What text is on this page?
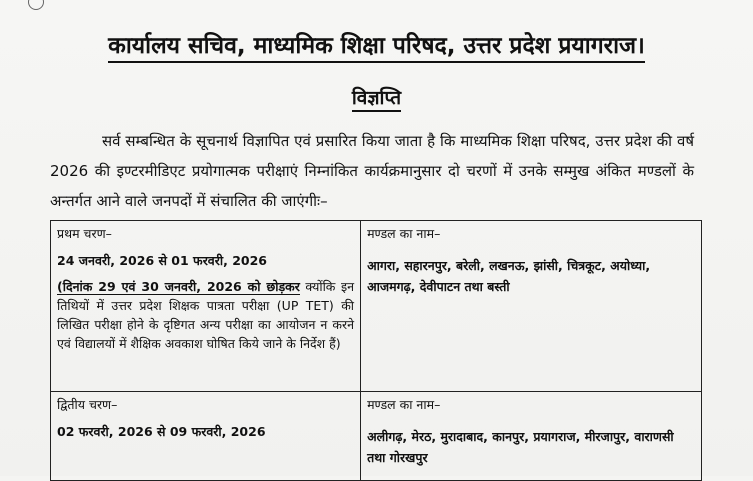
कार्यालय सचिव, माध्यमिक शिक्षा परिषद, उत्तर प्रदेश प्रयागराज।
विज्ञप्ति
सर्व सम्बन्धित के सूचनार्थ विज्ञापित एवं प्रसारित किया जाता है कि माध्यमिक शिक्षा परिषद, उत्तर प्रदेश की वर्ष 2026 की इण्टरमीडिएट प्रयोगात्मक परीक्षाएं निम्नांकित कार्यक्रमानुसार दो चरणों में उनके सम्मुख अंकित मण्डलों के अन्तर्गत आने वाले जनपदों में संचालित की जाएंगीः–
प्रथम चरण–
24 जनवरी, 2026 से 01 फरवरी, 2026
(दिनांक 29 एवं 30 जनवरी, 2026 को छोड़कर क्योंकि इन तिथियों में उत्तर प्रदेश शिक्षक पात्रता परीक्षा (UP TET) की लिखित परीक्षा होने के दृष्टिगत अन्य परीक्षा का आयोजन न करने एवं विद्यालयों में शैक्षिक अवकाश घोषित किये जाने के निर्देश हैं)	मण्डल का नाम–
आगरा, सहारनपुर, बरेली, लखनऊ, झांसी, चित्रकूट, अयोध्या, आजमगढ़, देवीपाटन तथा बस्ती

द्वितीय चरण–
02 फरवरी, 2026 से 09 फरवरी, 2026	मण्डल का नाम–
अलीगढ़, मेरठ, मुरादाबाद, कानपुर, प्रयागराज, मीरजापुर, वाराणसी तथा गोरखपुर
